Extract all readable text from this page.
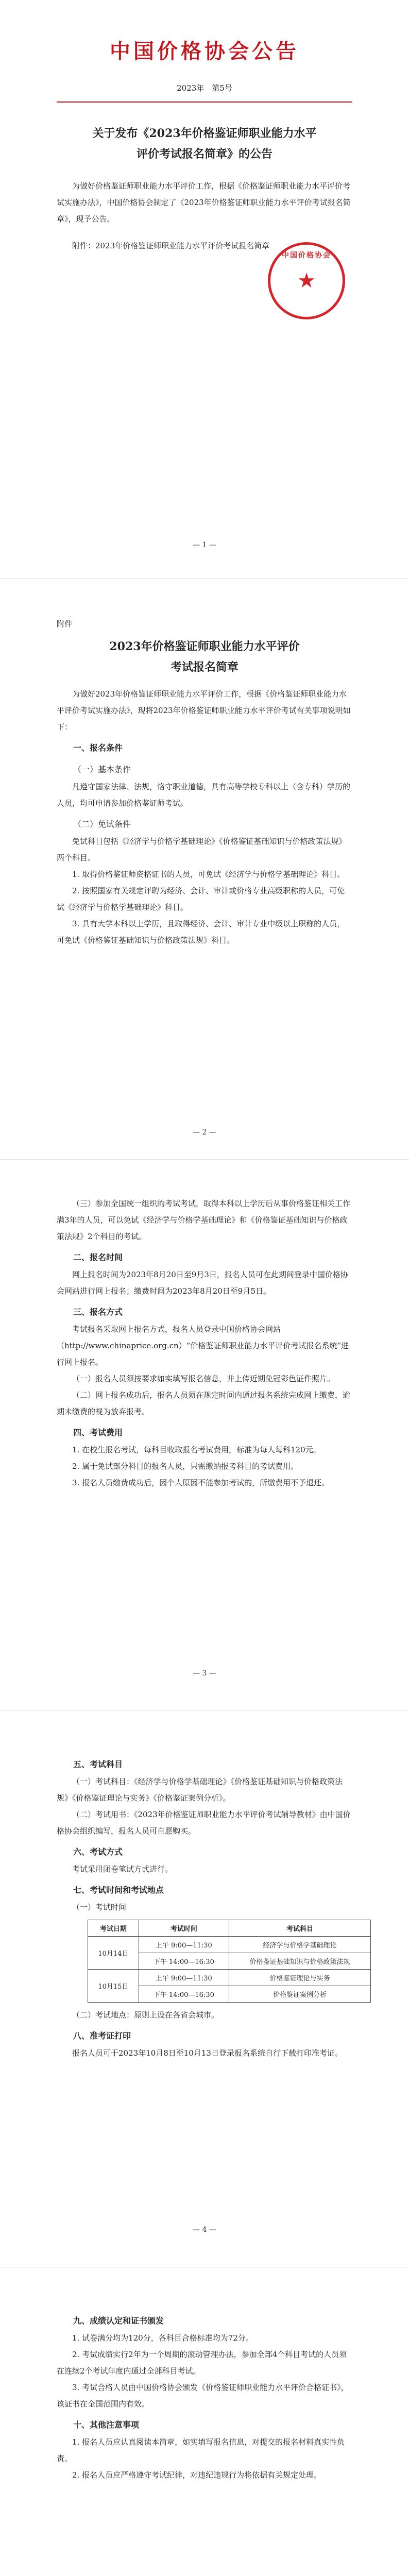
中国价格协会公告
2023年　第5号

关于发布《2023年价格鉴证师职业能力水平

评价考试报名简章》的公告

为做好价格鉴证师职业能力水平评价工作，根据《价格鉴证师职业能力水平评价考试实施办法》，中国价格协会制定了《2023年价格鉴证师职业能力水平评价考试报名简章》，现予公告。

附件：2023年价格鉴证师职业能力水平评价考试报名简章

中国价格协会
★
— 1 —
附件

2023年价格鉴证师职业能力水平评价

考试报名简章

为做好2023年价格鉴证师职业能力水平评价工作，根据《价格鉴证师职业能力水平评价考试实施办法》，现将2023年价格鉴证师职业能力水平评价考试有关事项说明如下：

一、报名条件

（一）基本条件

凡遵守国家法律、法规，恪守职业道德，具有高等学校专科以上（含专科）学历的人员，均可申请参加价格鉴证师考试。

（二）免试条件

免试科目包括《经济学与价格学基础理论》《价格鉴证基础知识与价格政策法规》两个科目。

1. 取得价格鉴证师资格证书的人员，可免试《经济学与价格学基础理论》科目。

2. 按照国家有关规定评聘为经济、会计、审计或价格专业高级职称的人员，可免试《经济学与价格学基础理论》科目。

3. 具有大学本科以上学历，且取得经济、会计、审计专业中级以上职称的人员，可免试《价格鉴证基础知识与价格政策法规》科目。

— 2 —

（三）参加全国统一组织的考试考试，取得本科以上学历后从事价格鉴证相关工作满3年的人员，可以免试《经济学与价格学基础理论》和《价格鉴证基础知识与价格政策法规》2个科目的考试。

二、报名时间

网上报名时间为2023年8月20日至9月3日，报名人员可在此期间登录中国价格协会网站进行网上报名；缴费时间为2023年8月20日至9月5日。

三、报名方式

考试报名采取网上报名方式，报名人员登录中国价格协会网站（http://www.chinaprice.org.cn）“价格鉴证师职业能力水平评价考试报名系统”进行网上报名。

（一）报名人员须按要求如实填写报名信息，并上传近期免冠彩色证件照片。

（二）网上报名成功后，报名人员须在规定时间内通过报名系统完成网上缴费，逾期未缴费的视为放弃报考。

四、考试费用

1. 在校生报名考试，每科目收取报名考试费用，标准为每人每科120元。

2. 属于免试部分科目的报名人员，只需缴纳报考科目的考试费用。

3. 报名人员缴费成功后，因个人原因不能参加考试的，所缴费用不予退还。

— 3 —

五、考试科目

（一）考试科目：《经济学与价格学基础理论》《价格鉴证基础知识与价格政策法规》《价格鉴证理论与实务》《价格鉴证案例分析》。

（二）考试用书：《2023年价格鉴证师职业能力水平评价考试辅导教材》由中国价格协会组织编写，报名人员可自愿购买。

六、考试方式

考试采用闭卷笔试方式进行。

七、考试时间和考试地点

（一）考试时间

考试日期	考试时间	考试科目
10月14日	上午 9:00—11:30	经济学与价格学基础理论
	下午 14:00—16:30	价格鉴证基础知识与价格政策法规
10月15日	上午 9:00—11:30	价格鉴证理论与实务
	下午 14:00—16:30	价格鉴证案例分析

（二）考试地点：原则上设在各省会城市。

八、准考证打印

报名人员可于2023年10月8日至10月13日登录报名系统自行下载打印准考证。

— 4 —

九、成绩认定和证书颁发

1. 试卷满分均为120分，各科目合格标准均为72分。

2. 考试成绩实行2年为一个周期的滚动管理办法，参加全部4个科目考试的人员须在连续2个考试年度内通过全部科目考试。

3. 考试合格人员由中国价格协会颁发《价格鉴证师职业能力水平评价合格证书》，该证书在全国范围内有效。

十、其他注意事项

1. 报名人员应认真阅读本简章，如实填写报名信息，对提交的报名材料真实性负责。

2. 报名人员应严格遵守考试纪律，对违纪违规行为将依据有关规定处理。
